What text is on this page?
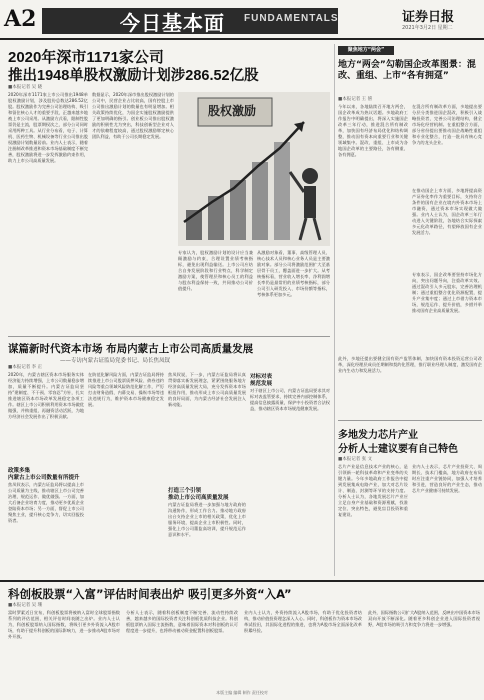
A2	今日基本面 FUNDAMENTALS	证券日报
2021年3月2日 星期二
2020年深市1171家公司
推出1948单股权激励计划涉286.52亿股
■本报记者 吴 晓
2020年深市1171家上市公司推出1948单股权激励计划，涉及股份总数达286.52亿股。股权激励作为完善公司治理结构、吸引和留住核心人才的重要手段，正越来越多地被上市公司采用。从激励方式看，限制性股票仍是主流，股票期权次之，部分公司同时采用两种工具。从行业分布看，电子、计算机、医药生物、机械设备等行业公司推出股权激励计划数量居前。业内人士表示，随着注册制改革推进和资本市场基础制度不断完善，股权激励将进一步发挥激励约束作用，助力上市公司高质量发展。
数据显示，2020年深市推出股权激励计划的公司中，民营企业占比较高，国有控股上市公司推出激励计划的数量也有明显增加。相关政策持续优化，为国企实施股权激励提供了更加明确的指引。创业板公司推出股权激励的积极性尤为突出，科技创新型企业对人才的依赖程度较高，通过股权激励绑定核心团队利益，有助于公司长期稳定发展。
股权激励
专家认为，股权激励计划的设计应当兼顾激励与约束，合理设置业绩考核指标，避免出现利益输送。上市公司应结合自身发展阶段和行业特点，科学制定激励方案，使管理层和核心员工的利益与股东利益保持一致，共同推动公司价值提升。
从激励对象看，董事、高级管理人员、核心技术人员和核心业务人员是主要激励对象。部分公司将激励范围扩大至基层骨干员工，覆盖面进一步扩大。从考核指标看，营业收入增长率、净利润增长率仍是最常用的业绩考核指标，部分公司引入研发投入、市场份额等指标，考核体系更加多元。
聚焦地方“两会”
地方“两会”勾勒国企改革图景：混改、重组、上市“各有拥趸”
■本报记者 王 僖
今年以来，各地陆续召开地方两会，国企改革成为热议话题。多地政府工作报告中明确提出，将深入实施国企改革三年行动，推进混合所有制改革，加快国有经济布局优化和结构调整，推动国有资本向重要行业和关键领域集中。混改、重组、上市成为各地国企改革的主要路径，各有侧重、各有拥趸。
在混合所有制改革方面，多地提出要分层分类推进国企混改，积极引入战略投资者，完善公司治理结构，健全市场化经营机制。在重组整合方面，部分省份提出要推动国企战略性重组和专业化整合，打造一批具有核心竞争力的龙头企业。
在推动国企上市方面，多地将提高资产证券化率作为重要目标，支持符合条件的国有企业在境内外资本市场上市融资，通过资本市场实现做大做强。业内人士认为，国企改革三年行动进入关键阶段，各地结合实际探索多元化改革路径，有望释放国有企业发展活力。
专家表示，国企改革要坚持市场化方向，突出问题导向，注重改革实效。通过混改引入多元股东，完善治理机制；通过重组整合优化资源配置，提升产业集中度；通过上市借力资本市场，规范运作、提升价值，多措并举推动国有企业高质量发展。
此外，多地还提出要健全国有资产监管体制，加快国有资本投资运营公司改革，深化经理层成员任期制和契约化管理，推行职业经理人制度，激发国有企业内生动力和发展活力。
多地发力芯片产业
分析人士建议要有自己特色
■本报记者 张 文
芯片产业是信息技术产业的核心，是引领新一轮科技革命和产业变革的关键力量。今年多地政府工作报告中提到发展集成电路产业，加大对芯片设计、制造、封测等环节的支持力度。分析人士认为，各地发展芯片产业应立足自身产业基础和资源禀赋，找准定位、突出特色，避免盲目投资和重复建设。
业内人士表示，芯片产业投资大、周期长、技术门槛高，地方政府在布局时应注重产业链协同，加强人才培养和引进，营造良好的产业生态，推动芯片产业健康可持续发展。
谋篇新时代资本市场 布局内蒙古上市公司高质量发展
——专访内蒙古证监局党委书记、局长焦凤钗
■本报记者 李 正
2020年，内蒙古辖区资本市场服务实体经济能力持续增强，上市公司数量稳步增加，质量不断提升。内蒙古证监局坚持“建制度、不干预、零容忍”方针，扎实推进辖区资本市场改革发展稳定各项工作。辖区上市公司积极利用资本市场做优做强，并购重组、再融资活动活跃，为地方经济社会发展作出了积极贡献。
政策多集
内蒙古上市公司数量有所提升
焦凤钗表示，内蒙古证监局将以提高上市公司质量为主线，推动辖区上市公司完善治理、规范运作、做优做强。一方面，加大后备企业培育力度，推动更多优质企业登陆资本市场；另一方面，督促上市公司聚焦主业，提升核心竞争力，切实回报投资者。
在防范化解风险方面，内蒙古证监局将持续推进上市公司股票质押风险、债券违约风险等重点领域风险防范化解工作，严厉打击财务造假、内幕交易、操纵市场等违法违规行为，维护资本市场健康稳定发展。
焦凤钗说，下一步，内蒙古证监局将认真贯彻落实新发展理念，紧紧围绕服务地方经济高质量发展大局，充分发挥资本市场枢纽作用，推动形成上市公司高质量发展的良好局面，为内蒙古经济社会发展注入新动能。
打造三个引领
推动上市公司高质量发展
内蒙古证监局将进一步加强与地方政府的沟通协作，形成工作合力。推动地方政府出台支持企业上市的相关政策，优化上市服务环境，提高企业上市积极性。同时，强化上市公司董监高培训，提升规范运作意识和水平。
对标对表
规范发展
对于辖区上市公司，内蒙古证监局要求其对标对表监管要求，持续完善内部控制体系，提高信息披露质量，保护中小投资者合法权益，推动辖区资本市场规范健康发展。
科创板股票“入富”评估时间表出炉 吸引更多外资“入A”
■本报记者 吴 珊
富时罗素近日宣布，科创板股票将被纳入富时全球股票指数系列的评估范围，相关评估时间表随之出炉。业内人士认为，科创板股票纳入国际指数，将吸引更多外资流入A股市场，有助于提升科创板的国际影响力，进一步推动A股市场对外开放。
分析人士表示，随着科创板制度不断完善、流动性持续改善，越来越多的国际投资者关注科创板优质科技企业。科创板股票纳入国际主流指数，意味着国际资本对科创板的认可程度进一步提升，也将带动被动资金配置科创板股票。
业内人士认为，外资持续流入A股市场，有助于优化投资者结构，推动价值投资理念深入人心。同时，科创板作为资本市场改革试验田，其国际化进程的推进，也将为A股市场全面深化改革积累经验。
此外，国际指数公司扩大A股纳入范围，反映出中国资本市场双向开放不断深化。随着更多科创企业进入国际投资者视野，A股市场的吸引力和竞争力将进一步增强。
本版主编 编辑 制作 责任校对
